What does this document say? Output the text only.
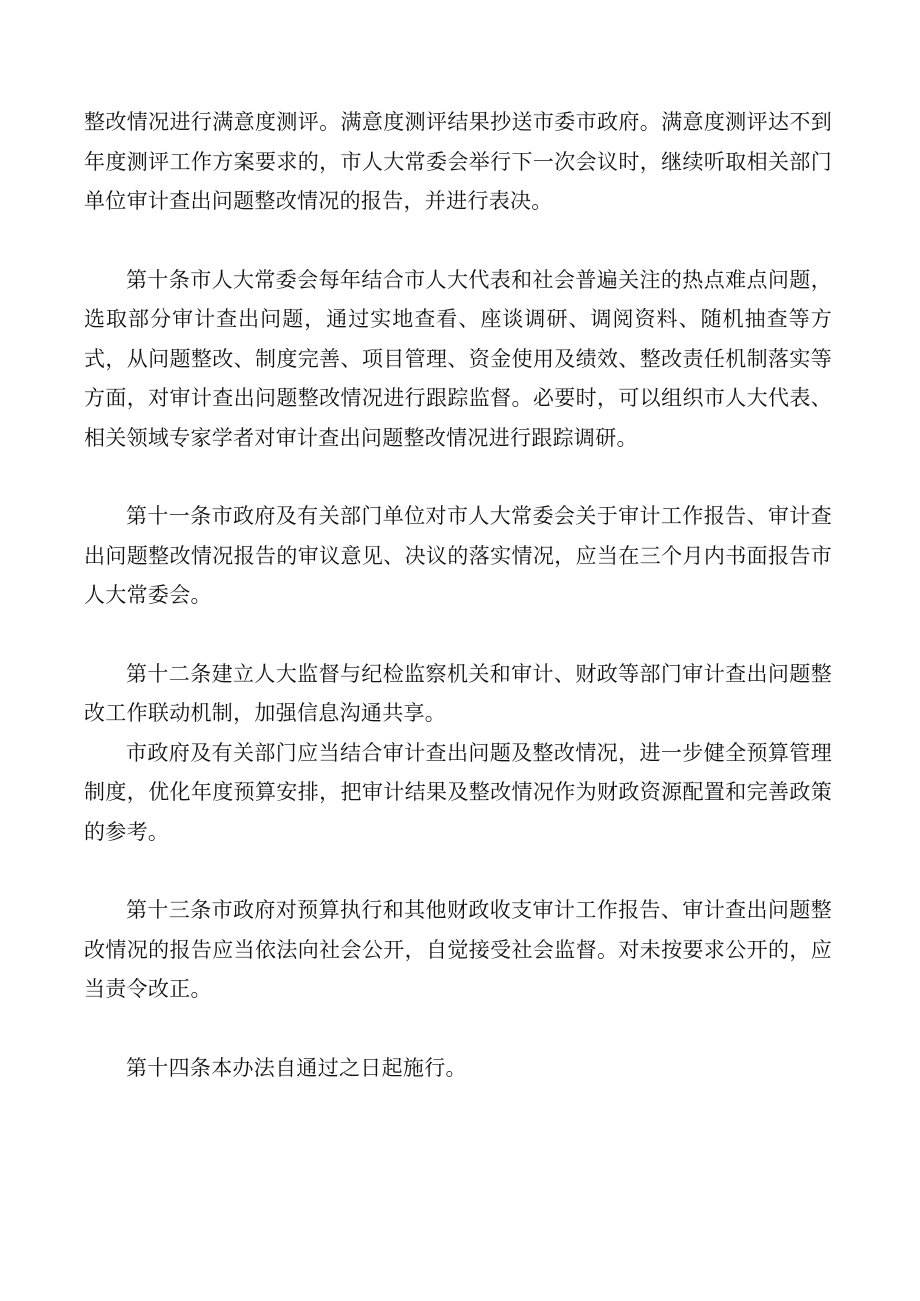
整改情况进行满意度测评。满意度测评结果抄送市委市政府。满意度测评达不到年度测评工作方案要求的，市人大常委会举行下一次会议时，继续听取相关部门单位审计查出问题整改情况的报告，并进行表决。

第十条市人大常委会每年结合市人大代表和社会普遍关注的热点难点问题，选取部分审计查出问题，通过实地查看、座谈调研、调阅资料、随机抽查等方式，从问题整改、制度完善、项目管理、资金使用及绩效、整改责任机制落实等方面，对审计查出问题整改情况进行跟踪监督。必要时，可以组织市人大代表、相关领域专家学者对审计查出问题整改情况进行跟踪调研。

第十一条市政府及有关部门单位对市人大常委会关于审计工作报告、审计查出问题整改情况报告的审议意见、决议的落实情况，应当在三个月内书面报告市人大常委会。

第十二条建立人大监督与纪检监察机关和审计、财政等部门审计查出问题整改工作联动机制，加强信息沟通共享。

市政府及有关部门应当结合审计查出问题及整改情况，进一步健全预算管理制度，优化年度预算安排，把审计结果及整改情况作为财政资源配置和完善政策的参考。

第十三条市政府对预算执行和其他财政收支审计工作报告、审计查出问题整改情况的报告应当依法向社会公开，自觉接受社会监督。对未按要求公开的，应当责令改正。

第十四条本办法自通过之日起施行。
